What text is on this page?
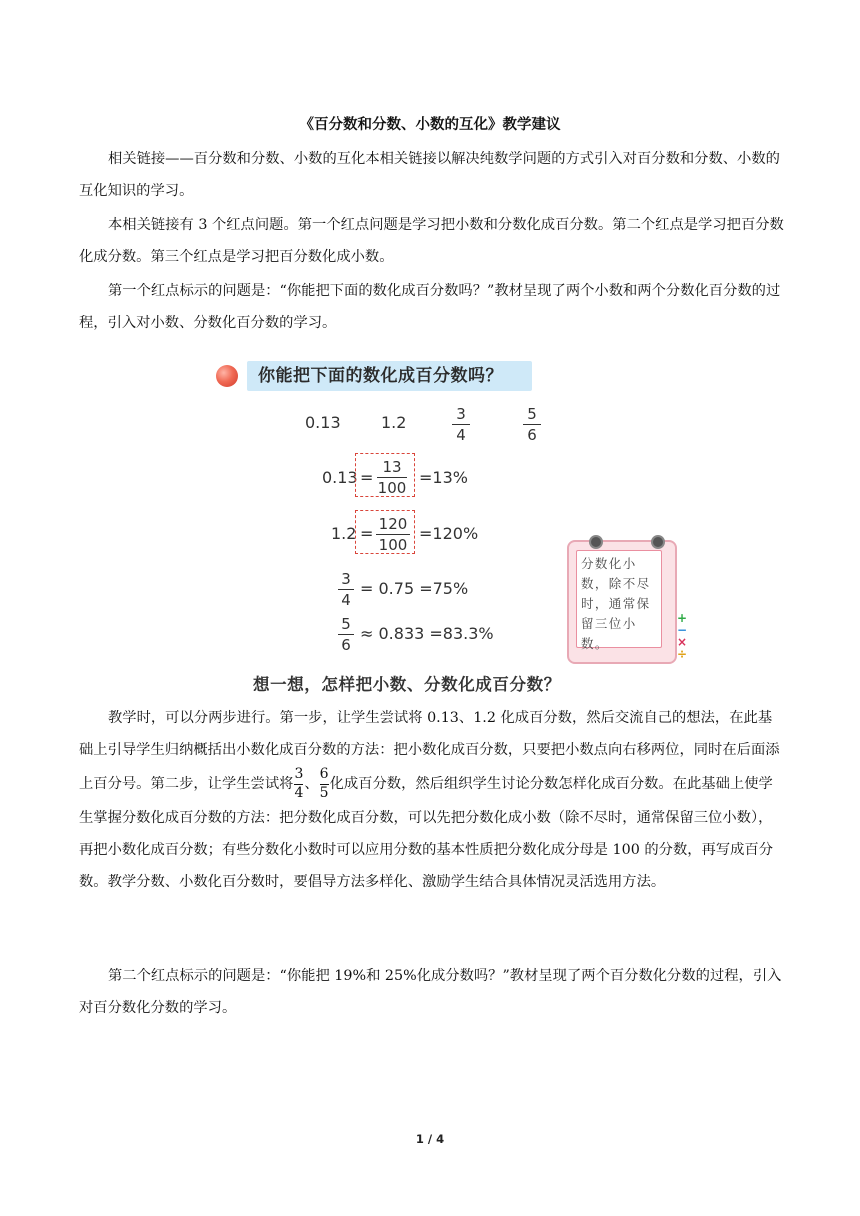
《百分数和分数、小数的互化》教学建议

相关链接——百分数和分数、小数的互化本相关链接以解决纯数学问题的方式引入对百分数和分数、小数的互化知识的学习。

本相关链接有 3 个红点问题。第一个红点问题是学习把小数和分数化成百分数。第二个红点是学习把百分数化成分数。第三个红点是学习把百分数化成小数。

第一个红点标示的问题是：“你能把下面的数化成百分数吗？”教材呈现了两个小数和两个分数化百分数的过程，引入对小数、分数化百分数的学习。

你能把下面的数化成百分数吗？
0.13	1.2	3
4
5
6
0.13 =
13
100
=13%
1.2 = 120
100
=120%
3
4
= 0.75 =75%
5
6
≈ 0.833 =83.3%
分数化小数，除不尽时，通常保留三位小数。
+
−
×
÷
想一想，怎样把小数、分数化成百分数？

教学时，可以分两步进行。第一步，让学生尝试将 0.13、1.2 化成百分数，然后交流自己的想法，在此基础上引导学生归纳概括出小数化成百分数的方法：把小数化成百分数，只要把小数点向右移两位，同时在后面添上百分号。第二步，让学生尝试将 $\frac{3}{4}$ 、 $\frac{6}{5}$ 化成百分数，然后组织学生讨论分数怎样化成百分数。在此基础上使学生掌握分数化成百分数的方法：把分数化成百分数，可以先把分数化成小数（除不尽时，通常保留三位小数），再把小数化成百分数；有些分数化小数时可以应用分数的基本性质把分数化成分母是 100 的分数，再写成百分数。教学分数、小数化百分数时，要倡导方法多样化、激励学生结合具体情况灵活选用方法。

第二个红点标示的问题是：“你能把 19%和 25%化成分数吗？”教材呈现了两个百分数化分数的过程，引入对百分数化分数的学习。

1 / 4
